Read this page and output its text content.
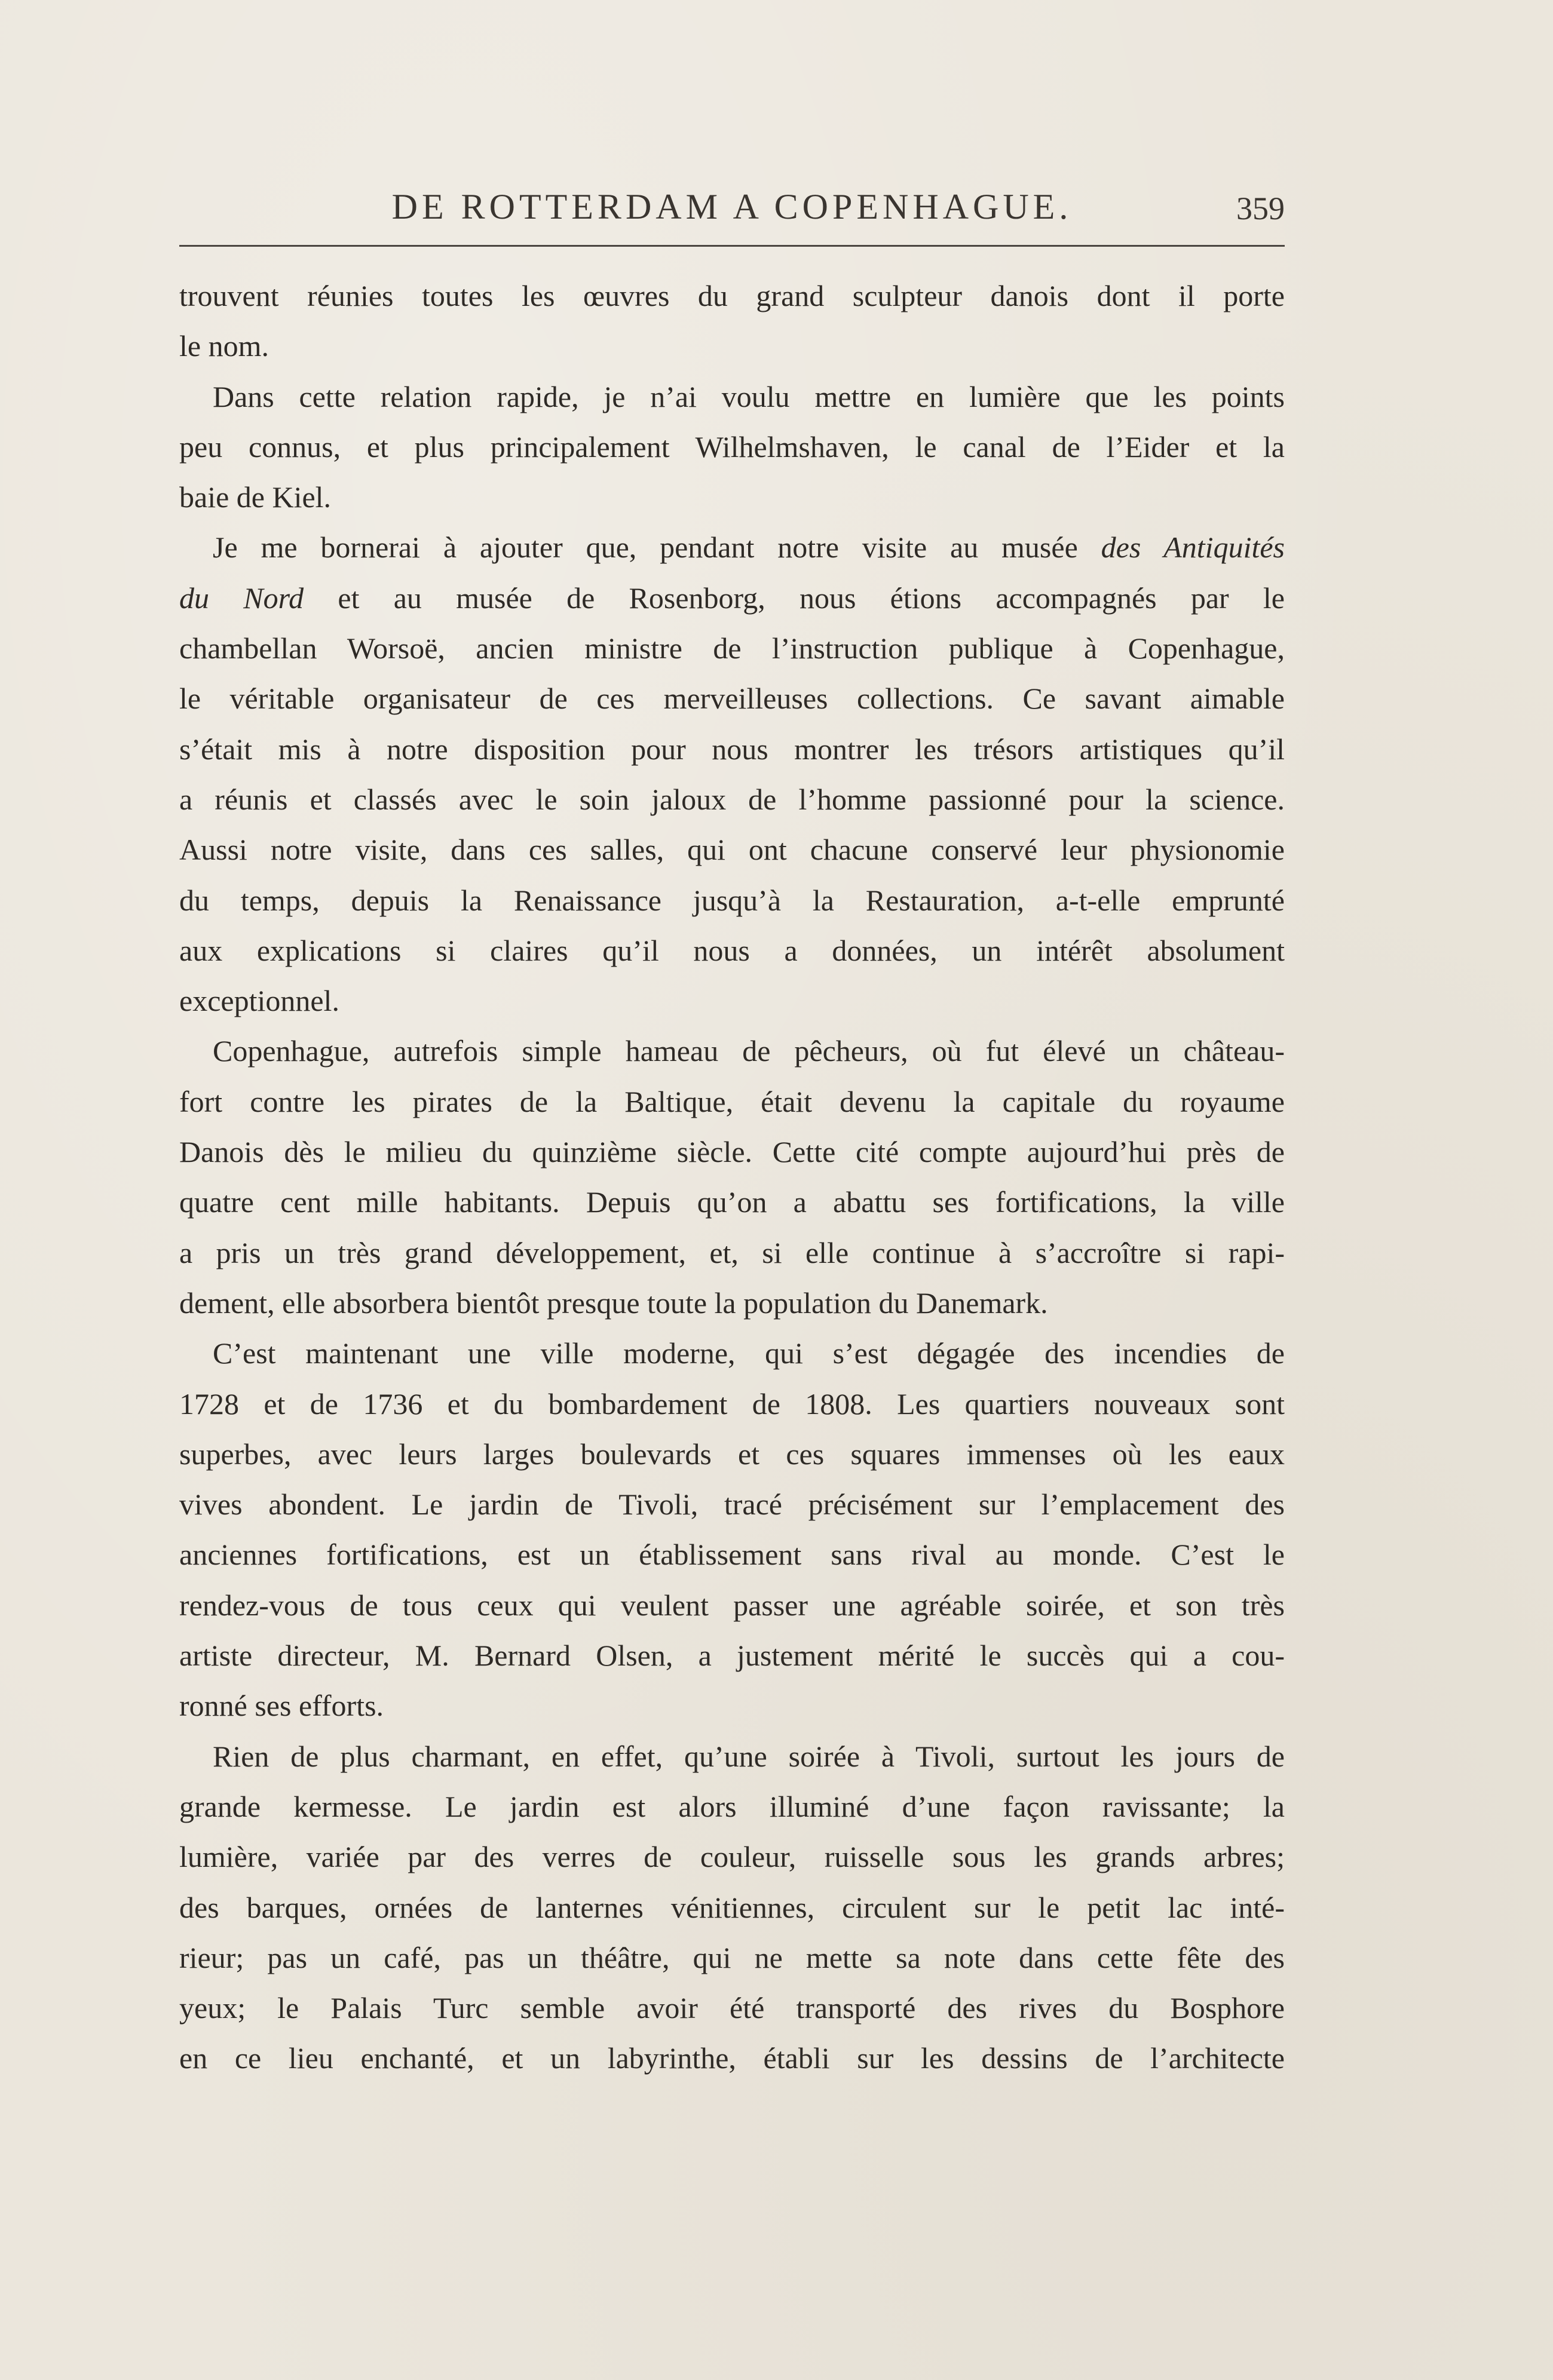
DE ROTTERDAM A COPENHAGUE.	359
trouvent réunies toutes les œuvres du grand sculpteur danois dont il porte
le nom.
Dans cette relation rapide, je n’ai voulu mettre en lumière que les points
peu connus, et plus principalement Wilhelmshaven, le canal de l’Eider et la
baie de Kiel.
Je me bornerai à ajouter que, pendant notre visite au musée des Antiquités
du Nord et au musée de Rosenborg, nous étions accompagnés par le
chambellan Worsoë, ancien ministre de l’instruction publique à Copenhague,
le véritable organisateur de ces merveilleuses collections. Ce savant aimable
s’était mis à notre disposition pour nous montrer les trésors artistiques qu’il
a réunis et classés avec le soin jaloux de l’homme passionné pour la science.
Aussi notre visite, dans ces salles, qui ont chacune conservé leur physionomie
du temps, depuis la Renaissance jusqu’à la Restauration, a-t-elle emprunté
aux explications si claires qu’il nous a données, un intérêt absolument
exceptionnel.
Copenhague, autrefois simple hameau de pêcheurs, où fut élevé un château-
fort contre les pirates de la Baltique, était devenu la capitale du royaume
Danois dès le milieu du quinzième siècle. Cette cité compte aujourd’hui près de
quatre cent mille habitants. Depuis qu’on a abattu ses fortifications, la ville
a pris un très grand développement, et, si elle continue à s’accroître si rapi-
dement, elle absorbera bientôt presque toute la population du Danemark.
C’est maintenant une ville moderne, qui s’est dégagée des incendies de
1728 et de 1736 et du bombardement de 1808. Les quartiers nouveaux sont
superbes, avec leurs larges boulevards et ces squares immenses où les eaux
vives abondent. Le jardin de Tivoli, tracé précisément sur l’emplacement des
anciennes fortifications, est un établissement sans rival au monde. C’est le
rendez-vous de tous ceux qui veulent passer une agréable soirée, et son très
artiste directeur, M. Bernard Olsen, a justement mérité le succès qui a cou-
ronné ses efforts.
Rien de plus charmant, en effet, qu’une soirée à Tivoli, surtout les jours de
grande kermesse. Le jardin est alors illuminé d’une façon ravissante; la
lumière, variée par des verres de couleur, ruisselle sous les grands arbres;
des barques, ornées de lanternes vénitiennes, circulent sur le petit lac inté-
rieur; pas un café, pas un théâtre, qui ne mette sa note dans cette fête des
yeux; le Palais Turc semble avoir été transporté des rives du Bosphore
en ce lieu enchanté, et un labyrinthe, établi sur les dessins de l’architecte
